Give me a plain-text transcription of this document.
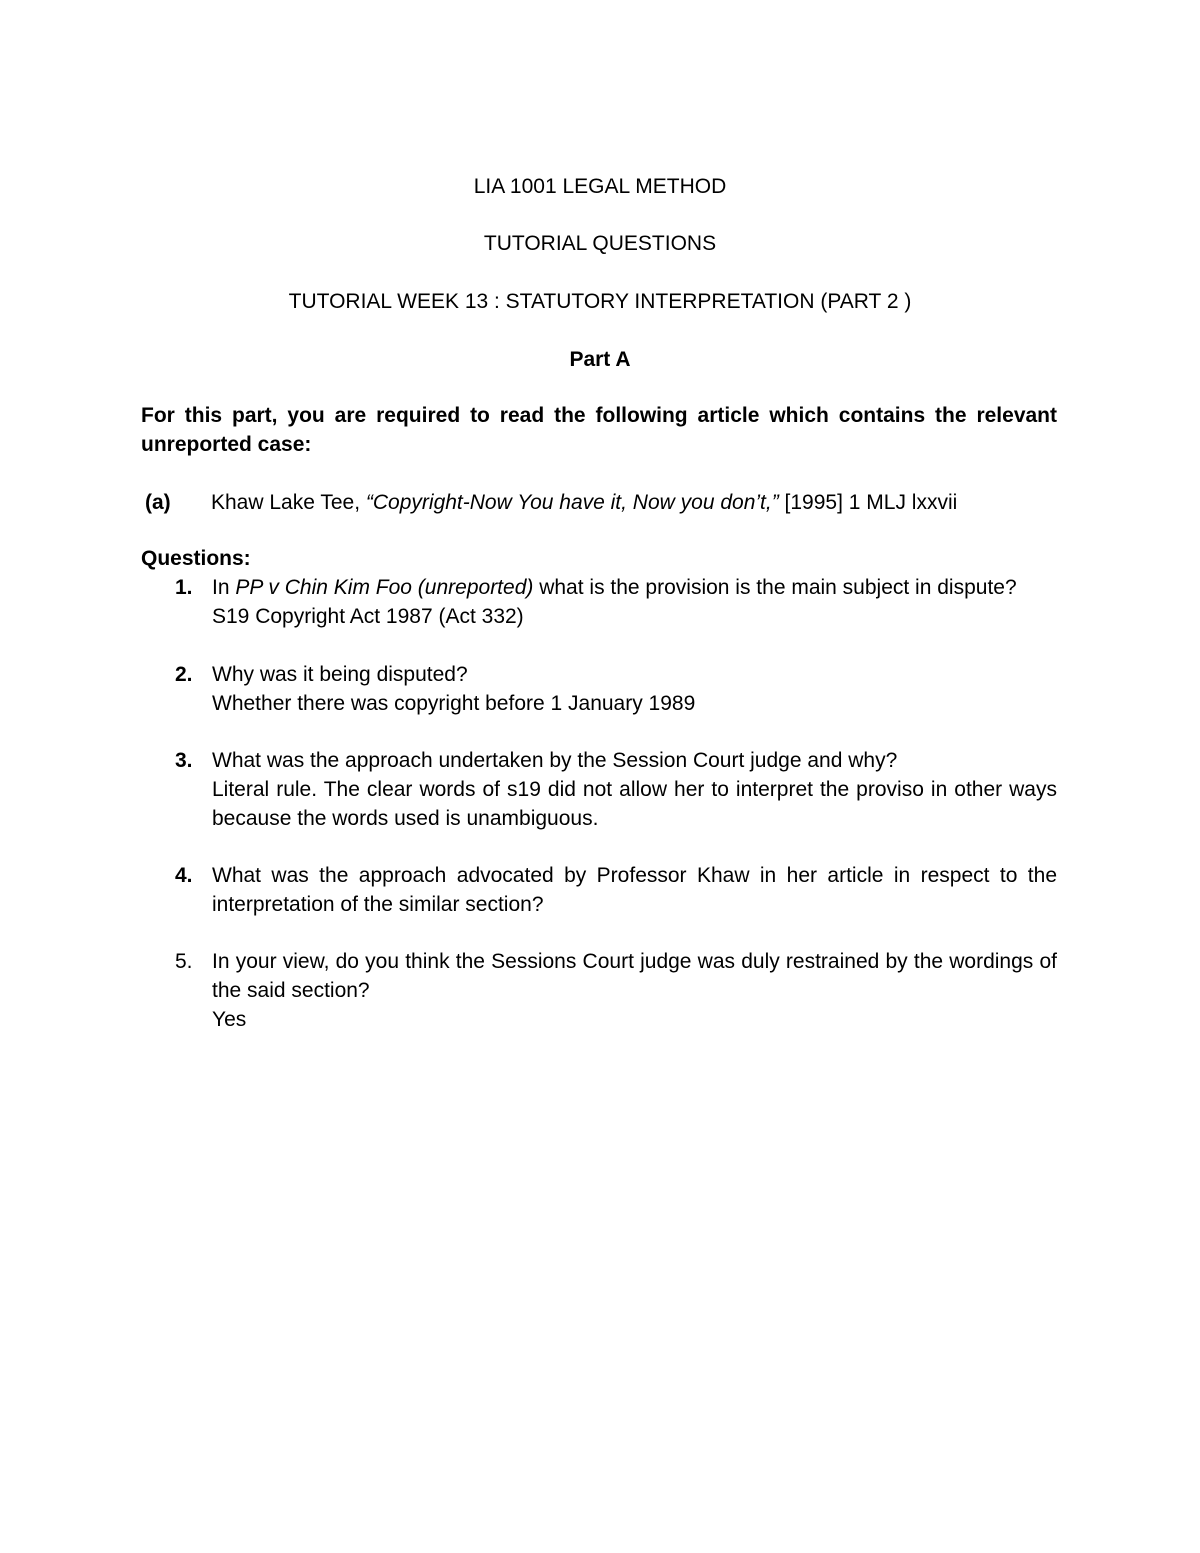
LIA 1001 LEGAL METHOD
TUTORIAL QUESTIONS
TUTORIAL WEEK 13 : STATUTORY INTERPRETATION (PART 2 )
Part A
For this part, you are required to read the following article which contains the relevant unreported case:
(a) Khaw Lake Tee, “Copyright-Now You have it, Now you don’t,” [1995] 1 MLJ lxxvii
Questions:
1. In PP v Chin Kim Foo (unreported) what is the provision is the main subject in dispute?
S19 Copyright Act 1987 (Act 332)
2. Why was it being disputed?
Whether there was copyright before 1 January 1989
3. What was the approach undertaken by the Session Court judge and why?
Literal rule. The clear words of s19 did not allow her to interpret the proviso in other ways because the words used is unambiguous.
4. What was the approach advocated by Professor Khaw in her article in respect to the interpretation of the similar section?
5. In your view, do you think the Sessions Court judge was duly restrained by the wordings of the said section?
Yes
